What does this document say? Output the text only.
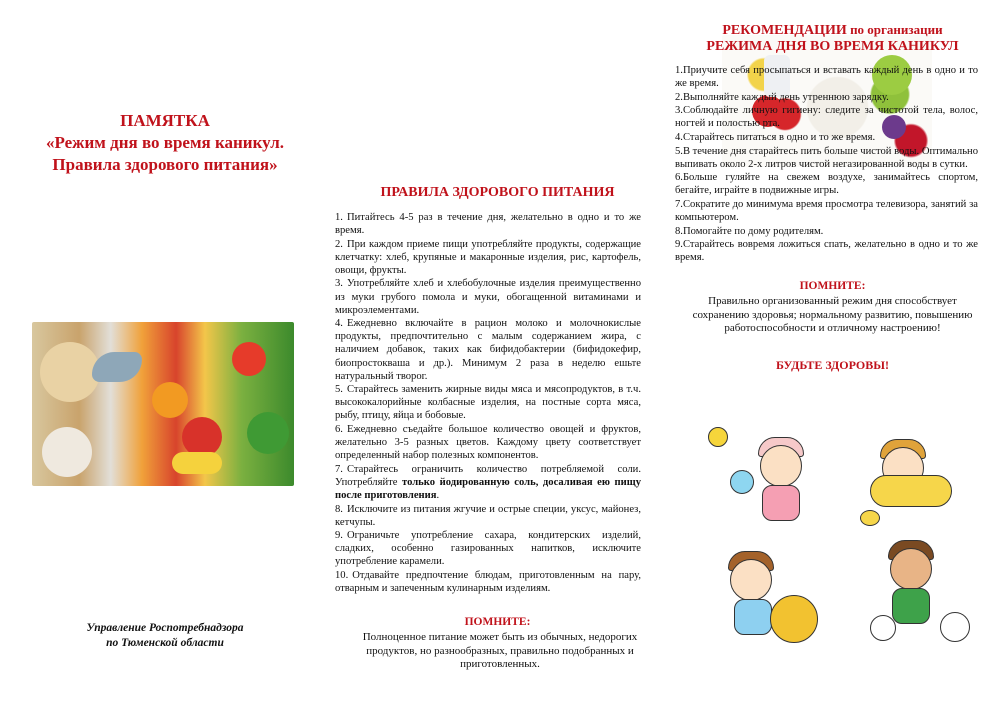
ПАМЯТКА
«Режим дня во время каникул.
Правила здорового питания»
Управление Роспотребнадзора
по Тюменской области
ПРАВИЛА ЗДОРОВОГО ПИТАНИЯ

1. Питайтесь 4-5 раз в течение дня, желательно в одно и то же время.

2. При каждом приеме пищи употребляйте продукты, содержащие клетчатку: хлеб, крупяные и макаронные изделия, рис, картофель, овощи, фрукты.

3. Употребляйте хлеб и хлебобулочные изделия преимущественно из муки грубого помола и муки, обогащенной витаминами и микроэлементами.

4. Ежедневно включайте в рацион молоко и молочнокислые продукты, предпочтительно с малым содержанием жира, с наличием добавок, таких как бифидобактерии (бифидокефир, биопростокваша и др.). Минимум 2 раза в неделю ешьте натуральный творог.

5. Старайтесь заменить жирные виды мяса и мясопродуктов, в т.ч. высококалорийные колбасные изделия, на постные сорта мяса, рыбу, птицу, яйца и бобовые.

6. Ежедневно съедайте большое количество овощей и фруктов, желательно 3-5 разных цветов. Каждому цвету соответствует определенный набор полезных компонентов.

7. Старайтесь ограничить количество потребляемой соли. Употребляйте только йодированную соль, досаливая ею пищу после приготовления.

8. Исключите из питания жгучие и острые специи, уксус, майонез, кетчупы.

9. Ограничьте употребление сахара, кондитерских изделий, сладких, особенно газированных напитков, исключите употребление карамели.

10. Отдавайте предпочтение блюдам, приготовленным на пару, отварным и запеченным кулинарным изделиям.

ПОМНИТЕ:
Полноценное питание может быть из обычных, недорогих продуктов, но разнообразных, правильно подобранных и приготовленных.
РЕКОМЕНДАЦИИ по организации
РЕЖИМА ДНЯ ВО ВРЕМЯ КАНИКУЛ

1.Приучите себя просыпаться и вставать каждый день в одно и то же время.

2.Выполняйте каждый день утреннюю зарядку.

3.Соблюдайте личную гигиену: следите за чистотой тела, волос, ногтей и полостью рта.

4.Старайтесь питаться в одно и то же время.

5.В течение дня старайтесь пить больше чистой воды. Оптимально выпивать около 2-х литров чистой негазированной воды в сутки.

6.Больше гуляйте на свежем воздухе, занимайтесь спортом, бегайте, играйте в подвижные игры.

7.Сократите до минимума время просмотра телевизора, занятий за компьютером.

8.Помогайте по дому родителям.

9.Старайтесь вовремя ложиться спать, желательно в одно и то же время.

ПОМНИТЕ:
Правильно организованный режим дня способствует сохранению здоровья; нормальному развитию, повышению работоспособности и отличному настроению!
БУДЬТЕ ЗДОРОВЫ!
